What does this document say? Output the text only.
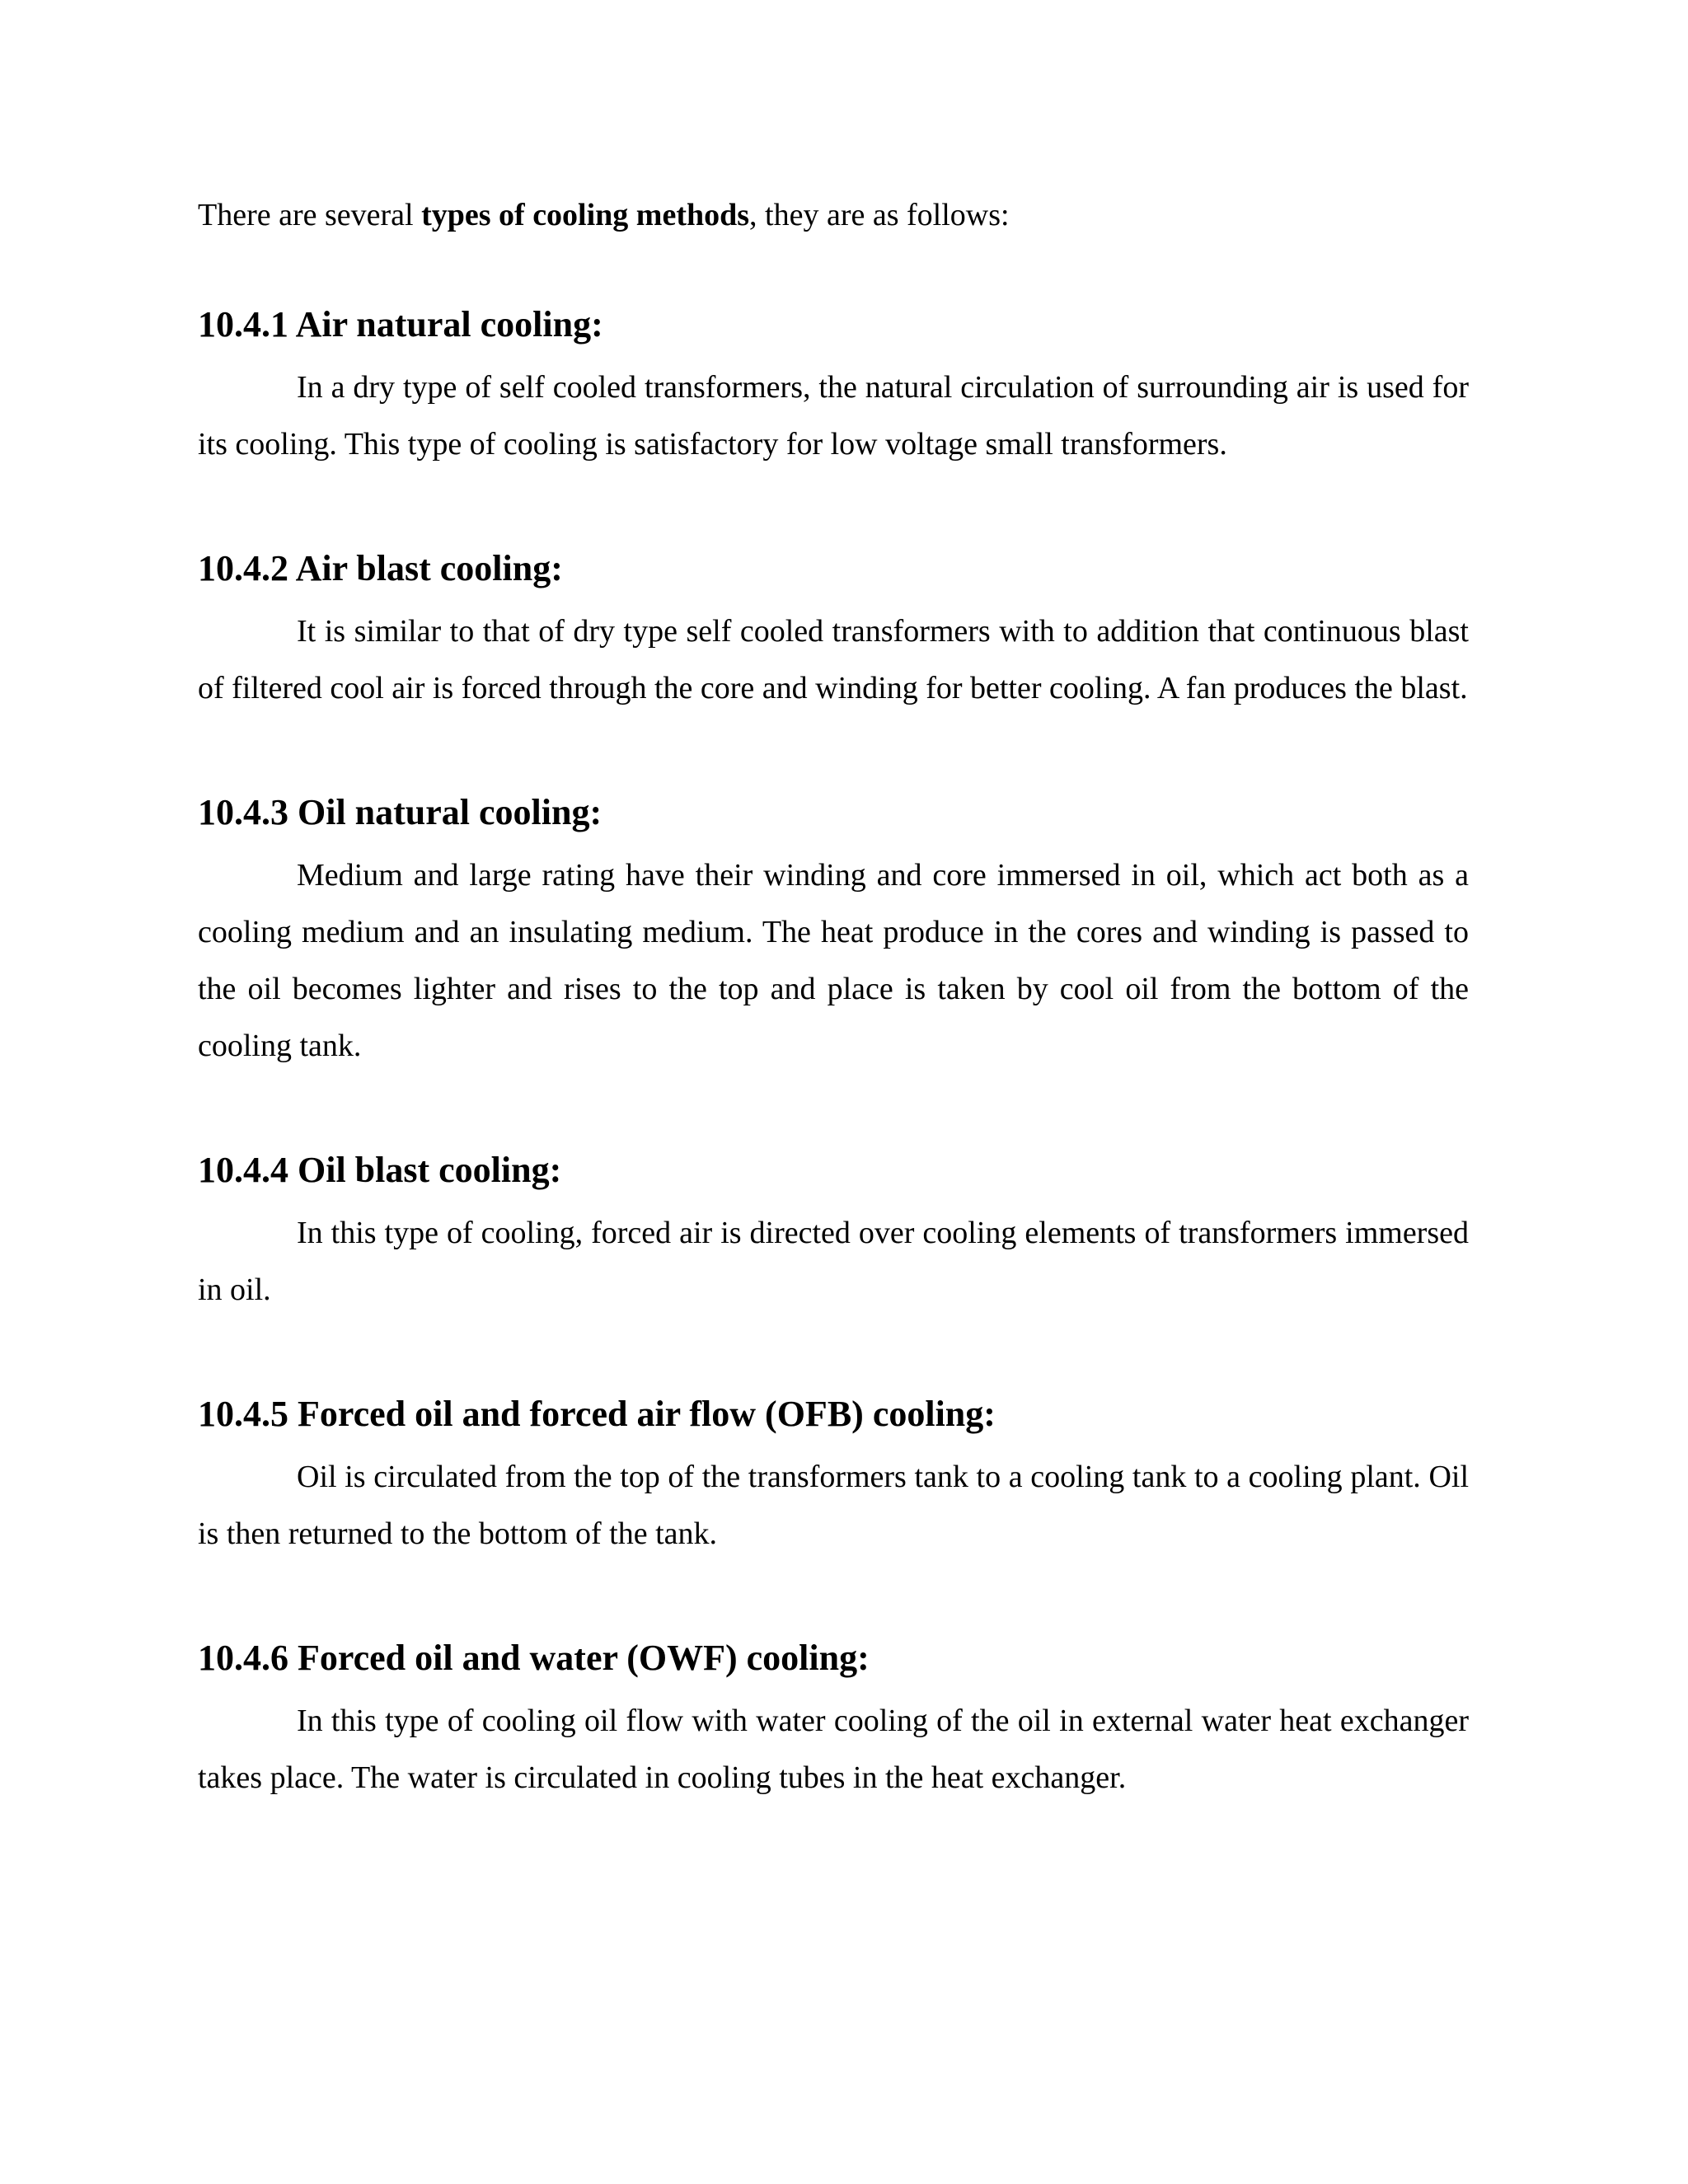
There are several types of cooling methods, they are as follows:

10.4.1 Air natural cooling:

In a dry type of self cooled transformers, the natural circulation of surrounding air is used for its cooling. This type of cooling is satisfactory for low voltage small transformers.

10.4.2 Air blast cooling:

It is similar to that of dry type self cooled transformers with to addition that continuous blast of filtered cool air is forced through the core and winding for better cooling. A fan produces the blast.

10.4.3 Oil natural cooling:

Medium and large rating have their winding and core immersed in oil, which act both as a cooling medium and an insulating medium. The heat produce in the cores and winding is passed to the oil becomes lighter and rises to the top and place is taken by cool oil from the bottom of the cooling tank.

10.4.4 Oil blast cooling:

In this type of cooling, forced air is directed over cooling elements of transformers immersed in oil.

10.4.5 Forced oil and forced air flow (OFB) cooling:

Oil is circulated from the top of the transformers tank to a cooling tank to a cooling plant. Oil is then returned to the bottom of the tank.

10.4.6 Forced oil and water (OWF) cooling:

In this type of cooling oil flow with water cooling of the oil in external water heat exchanger takes place. The water is circulated in cooling tubes in the heat exchanger.
